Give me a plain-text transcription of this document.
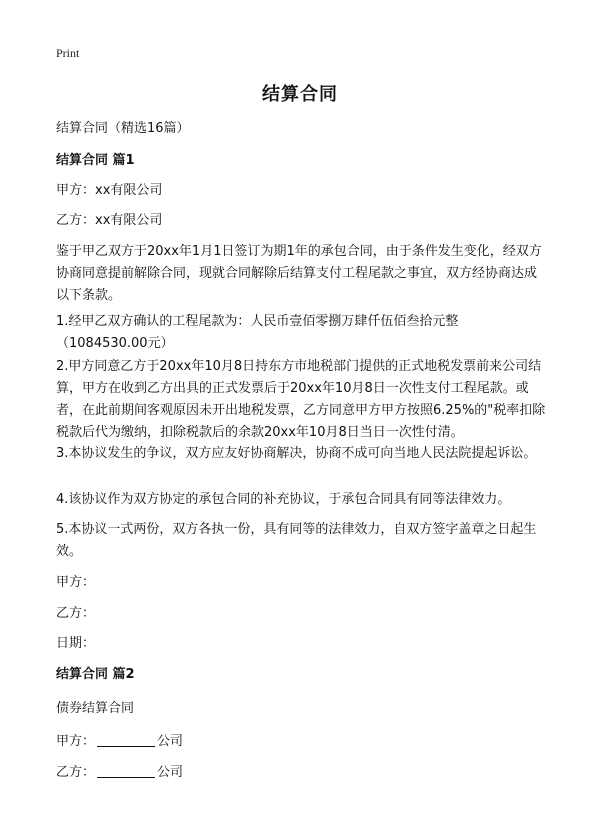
Print
结算合同
结算合同（精选16篇）
结算合同 篇1
甲方：xx有限公司
乙方：xx有限公司
鉴于甲乙双方于20xx年1月1日签订为期1年的承包合同，由于条件发生变化，经双方协商同意提前解除合同，现就合同解除后结算支付工程尾款之事宜，双方经协商达成以下条款。
1.经甲乙双方确认的工程尾款为：人民币壹佰零捌万肆仟伍佰叁拾元整（1084530.00元）
2.甲方同意乙方于20xx年10月8日持东方市地税部门提供的正式地税发票前来公司结算，甲方在收到乙方出具的正式发票后于20xx年10月8日一次性支付工程尾款。或者，在此前期间客观原因未开出地税发票，乙方同意甲方甲方按照6.25%的"税率扣除税款后代为缴纳，扣除税款后的余款20xx年10月8日当日一次性付清。
3.本协议发生的争议，双方应友好协商解决，协商不成可向当地人民法院提起诉讼。
4.该协议作为双方协定的承包合同的补充协议，于承包合同具有同等法律效力。
5.本协议一式两份，双方各执一份，具有同等的法律效力，自双方签字盖章之日起生效。
甲方：
乙方：
日期：
结算合同 篇2
债券结算合同
甲方：	公司
乙方：	公司
